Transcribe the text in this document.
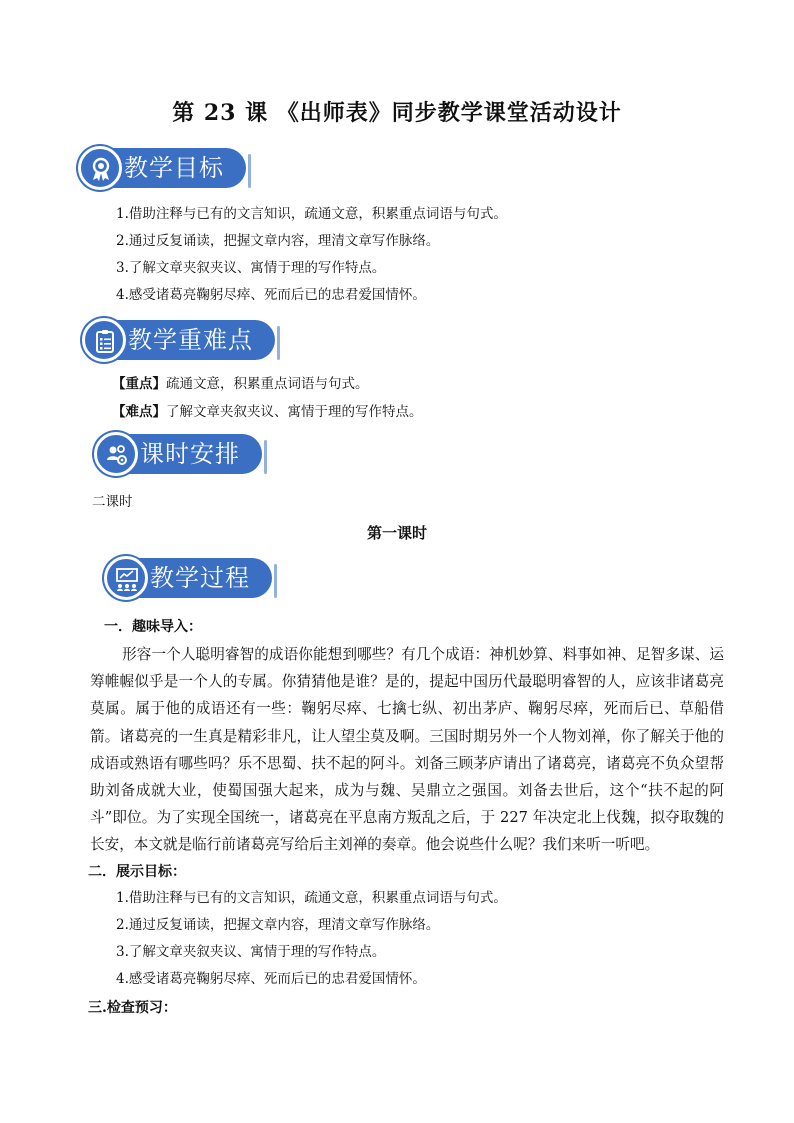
第 23 课 《出师表》同步教学课堂活动设计
教学目标
1.借助注释与已有的文言知识，疏通文意，积累重点词语与句式。
2.通过反复诵读，把握文章内容，理清文章写作脉络。
3.了解文章夹叙夹议、寓情于理的写作特点。
4.感受诸葛亮鞠躬尽瘁、死而后已的忠君爱国情怀。
教学重难点
【重点】疏通文意，积累重点词语与句式。
【难点】了解文章夹叙夹议、寓情于理的写作特点。
课时安排
二课时
第一课时
教学过程
一．趣味导入：
形容一个人聪明睿智的成语你能想到哪些？有几个成语：神机妙算、料事如神、足智多谋、运筹帷幄似乎是一个人的专属。你猜猜他是谁？是的，提起中国历代最聪明睿智的人，应该非诸葛亮莫属。属于他的成语还有一些：鞠躬尽瘁、七擒七纵、初出茅庐、鞠躬尽瘁，死而后已、草船借箭。诸葛亮的一生真是精彩非凡，让人望尘莫及啊。三国时期另外一个人物刘禅，你了解关于他的成语或熟语有哪些吗？乐不思蜀、扶不起的阿斗。刘备三顾茅庐请出了诸葛亮，诸葛亮不负众望帮助刘备成就大业，使蜀国强大起来，成为与魏、吴鼎立之强国。刘备去世后，这个“扶不起的阿斗”即位。为了实现全国统一，诸葛亮在平息南方叛乱之后，于 227 年决定北上伐魏，拟夺取魏的长安，本文就是临行前诸葛亮写给后主刘禅的奏章。他会说些什么呢？我们来听一听吧。
二．展示目标：
1.借助注释与已有的文言知识，疏通文意，积累重点词语与句式。
2.通过反复诵读，把握文章内容，理清文章写作脉络。
3.了解文章夹叙夹议、寓情于理的写作特点。
4.感受诸葛亮鞠躬尽瘁、死而后已的忠君爱国情怀。
三.检查预习：
